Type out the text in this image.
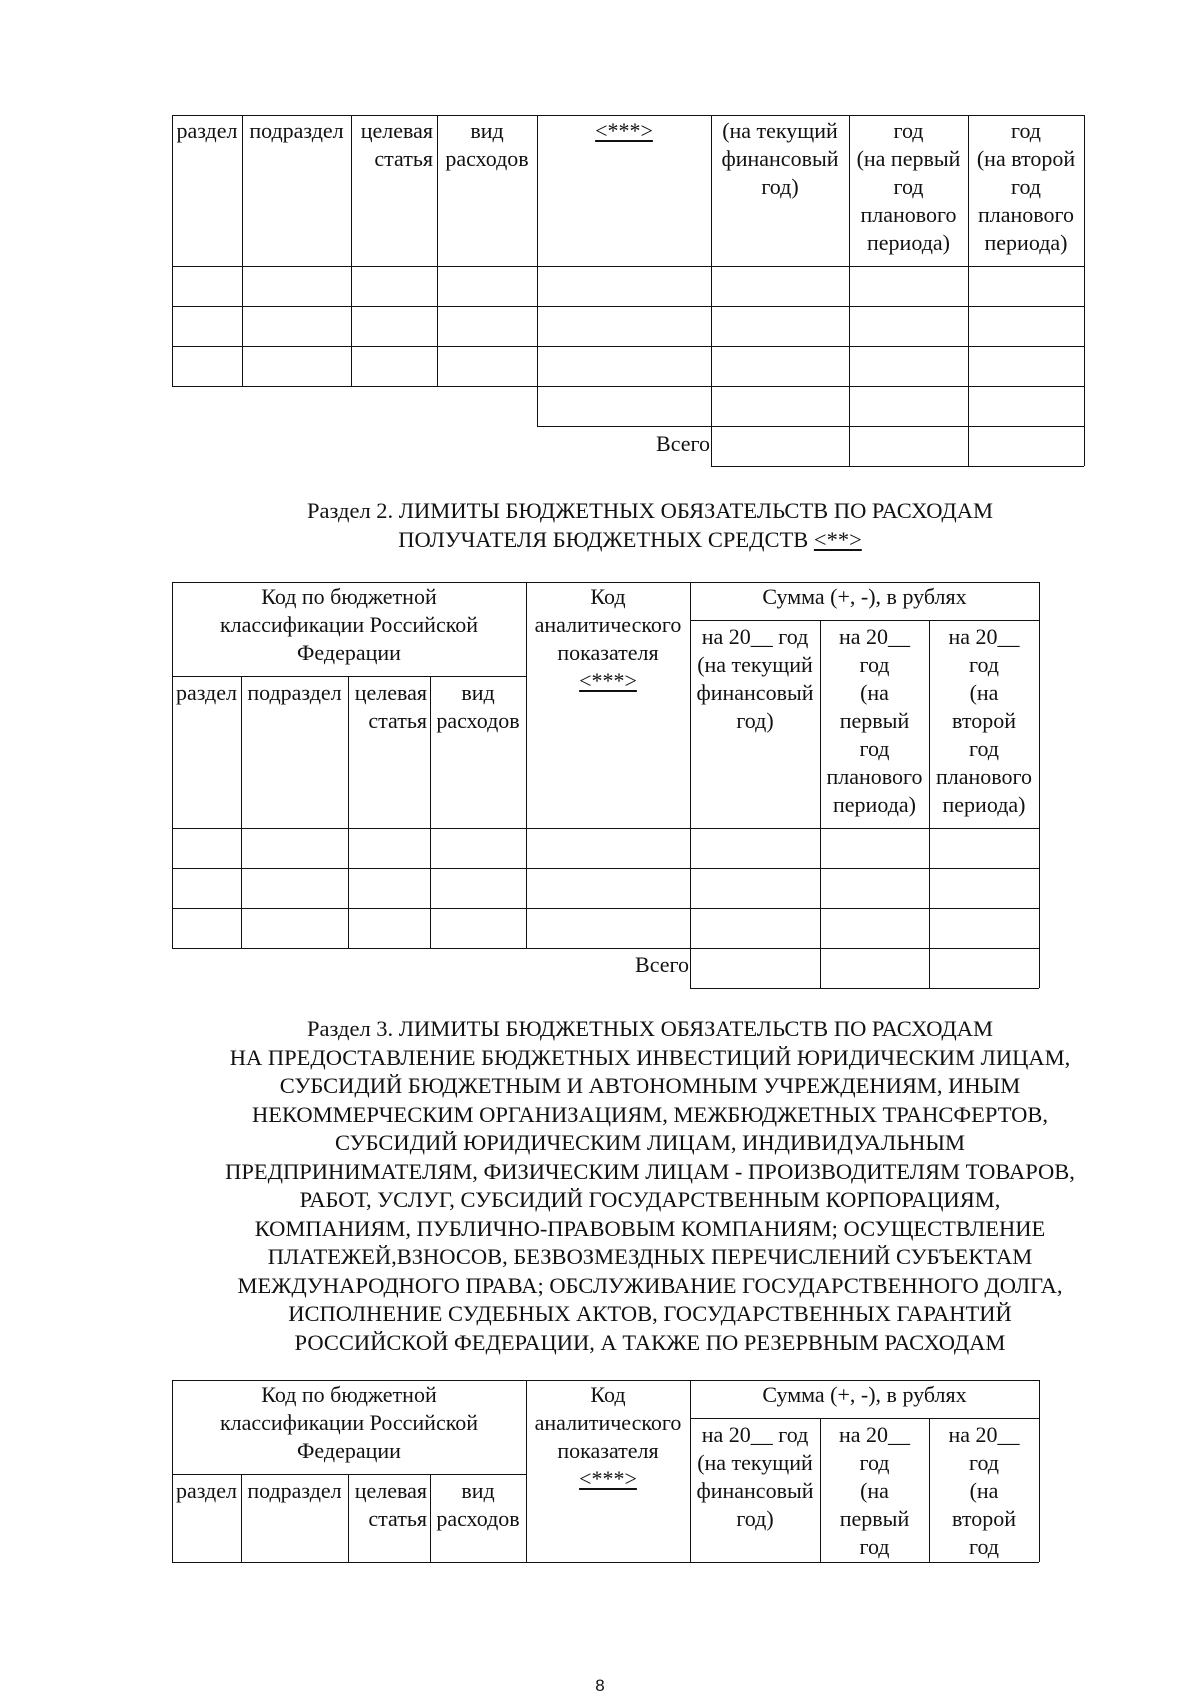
раздел подраздел целевая
статья
вид
расходов
<***>	(на текущий
финансовый
год)
год
(на первый
год
планового
периода)
год
(на второй
год
планового
периода)
Всего
Раздел 2. ЛИМИТЫ БЮДЖЕТНЫХ ОБЯЗАТЕЛЬСТВ ПО РАСХОДАМ
ПОЛУЧАТЕЛЯ БЮДЖЕТНЫХ СРЕДСТВ <**>
Код по бюджетной
классификации Российской
Федерации
Код
аналитического
показателя
<***>
Сумма (+, -), в рублях
на 20__ год
(на текущий
финансовый
год)
на 20__
год
(на
первый
год
планового
периода)
на 20__
год
(на
второй
год
планового
периода)
раздел подраздел целевая
статья
вид
расходов
Всего
Раздел 3. ЛИМИТЫ БЮДЖЕТНЫХ ОБЯЗАТЕЛЬСТВ ПО РАСХОДАМ
НА ПРЕДОСТАВЛЕНИЕ БЮДЖЕТНЫХ ИНВЕСТИЦИЙ ЮРИДИЧЕСКИМ ЛИЦАМ,
СУБСИДИЙ БЮДЖЕТНЫМ И АВТОНОМНЫМ УЧРЕЖДЕНИЯМ, ИНЫМ
НЕКОММЕРЧЕСКИМ ОРГАНИЗАЦИЯМ, МЕЖБЮДЖЕТНЫХ ТРАНСФЕРТОВ,
СУБСИДИЙ ЮРИДИЧЕСКИМ ЛИЦАМ, ИНДИВИДУАЛЬНЫМ
ПРЕДПРИНИМАТЕЛЯМ, ФИЗИЧЕСКИМ ЛИЦАМ - ПРОИЗВОДИТЕЛЯМ ТОВАРОВ,
РАБОТ, УСЛУГ, СУБСИДИЙ ГОСУДАРСТВЕННЫМ КОРПОРАЦИЯМ,
КОМПАНИЯМ, ПУБЛИЧНО-ПРАВОВЫМ КОМПАНИЯМ; ОСУЩЕСТВЛЕНИЕ
ПЛАТЕЖЕЙ,ВЗНОСОВ, БЕЗВОЗМЕЗДНЫХ ПЕРЕЧИСЛЕНИЙ СУБЪЕКТАМ
МЕЖДУНАРОДНОГО ПРАВА; ОБСЛУЖИВАНИЕ ГОСУДАРСТВЕННОГО ДОЛГА,
ИСПОЛНЕНИЕ СУДЕБНЫХ АКТОВ, ГОСУДАРСТВЕННЫХ ГАРАНТИЙ
РОССИЙСКОЙ ФЕДЕРАЦИИ, А ТАКЖЕ ПО РЕЗЕРВНЫМ РАСХОДАМ
Код по бюджетной
классификации Российской
Федерации
Код
аналитического
показателя
<***>
Сумма (+, -), в рублях
на 20__ год
(на текущий
финансовый
год)
на 20__
год
(на
первый
год
на 20__
год
(на
второй
год
раздел подраздел целевая
статья
вид
расходов
8
